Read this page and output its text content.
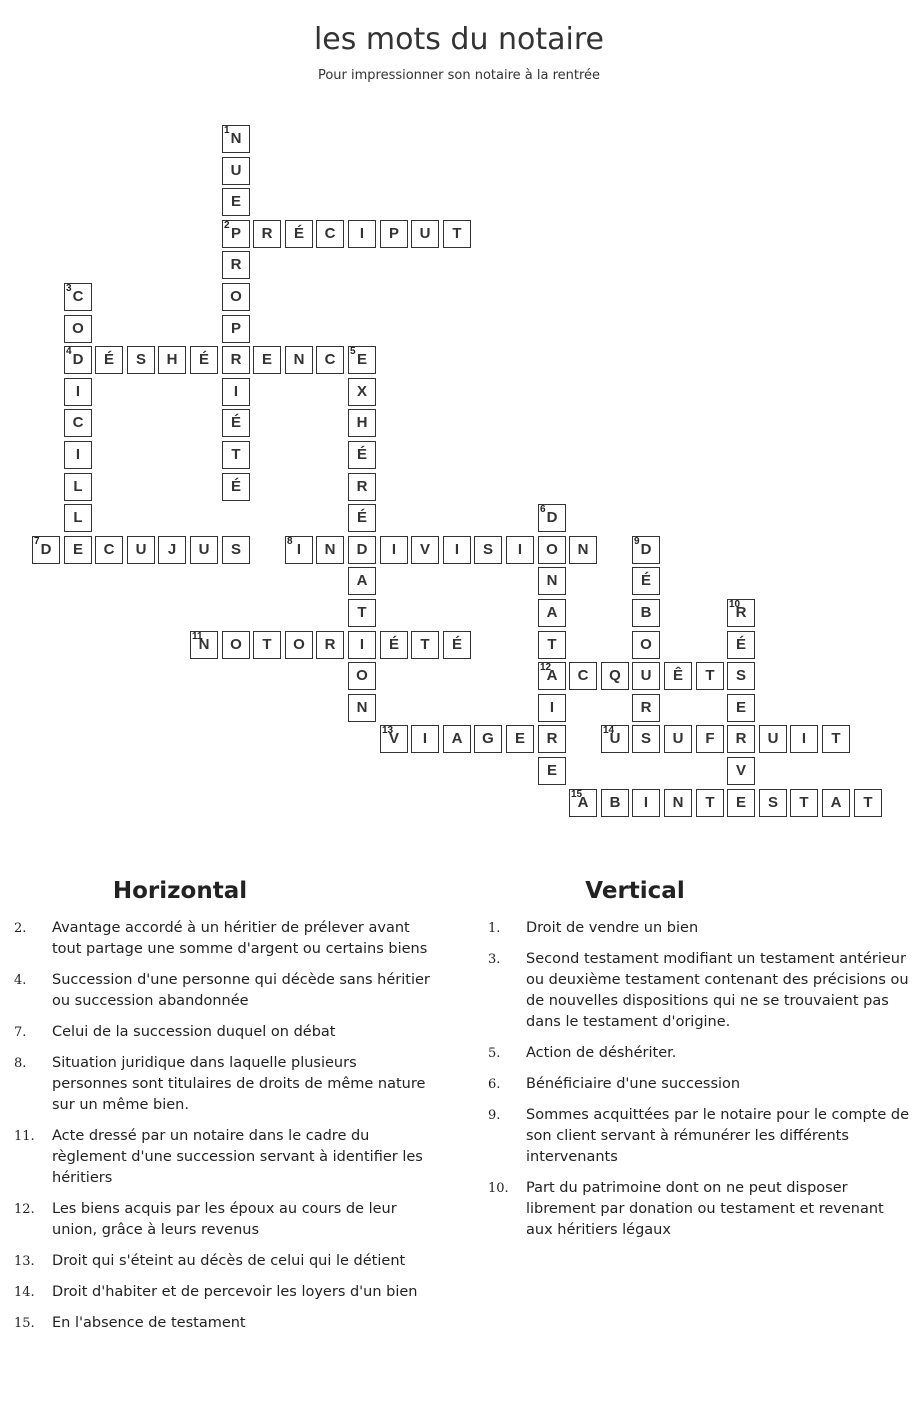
les mots du notaire
Pour impressionner son notaire à la rentrée
N
1
U
E
P
2
R
O
P
R
I
É
T
É
R	É	C	I	P	U	T
C
3
O
D
4
I
C
I
L
L
E
É	S	H	É	E	N	C	E
5
X
H
É
R
É
D
A
T
I
O
N
D
6
O
N
A
T
A
12
I
R
E
D
7	C	U	J	U	S	I
8	N	I	V	I	S	I	N	D
9
É
B
O
U
R
S
R
10
É
S
E
R
V
E
N
11	O	T	O	R	É	T	É
C	Q	Ê	T
V
13	I	A	G	E	U
14	U	F	U	I	T
A
15	B	I	N	T	S	T	A	T
Horizontal
2.	Avantage accordé à un héritier de prélever avant tout partage une somme d'argent ou certains biens
4.	Succession d'une personne qui décède sans héritier ou succession abandonnée
7.	Celui de la succession duquel on débat
8.	Situation juridique dans laquelle plusieurs personnes sont titulaires de droits de même nature sur un même bien.
11.	Acte dressé par un notaire dans le cadre du règlement d'une succession servant à identifier les héritiers
12.	Les biens acquis par les époux au cours de leur union, grâce à leurs revenus
13.	Droit qui s'éteint au décès de celui qui le détient
14.	Droit d'habiter et de percevoir les loyers d'un bien
15.	En l'absence de testament
Vertical
1.	Droit de vendre un bien
3.	Second testament modifiant un testament antérieur ou deuxième testament contenant des précisions ou de nouvelles dispositions qui ne se trouvaient pas dans le testament d'origine.
5.	Action de déshériter.
6.	Bénéficiaire d'une succession
9.	Sommes acquittées par le notaire pour le compte de son client servant à rémunérer les différents intervenants
10.	Part du patrimoine dont on ne peut disposer librement par donation ou testament et revenant aux héritiers légaux
